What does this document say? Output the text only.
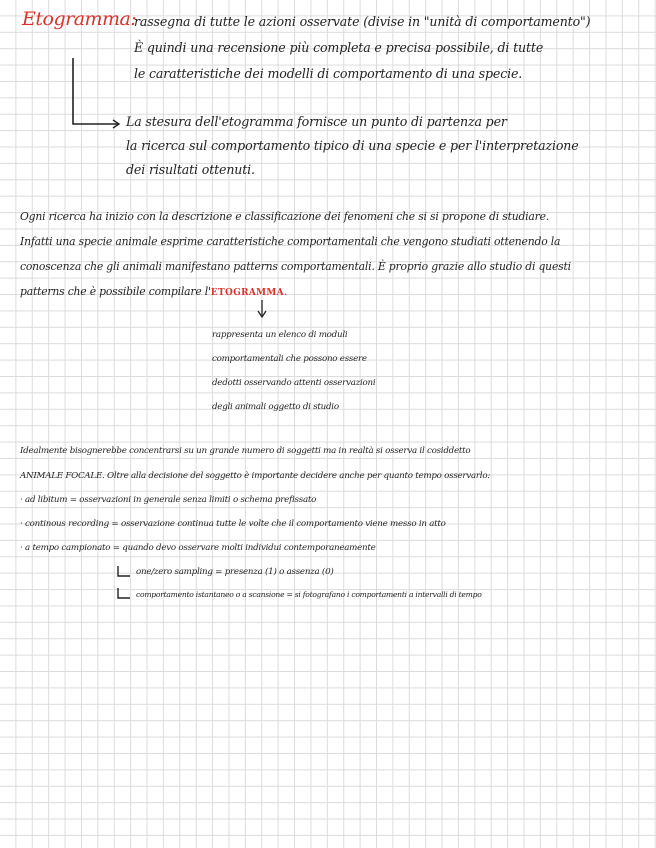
Etogramma:
rassegna di tutte le azioni osservate (divise in "unità di comportamento")
È quindi una recensione più completa e precisa possibile, di tutte
le caratteristiche dei modelli di comportamento di una specie.
La stesura dell'etogramma fornisce un punto di partenza per
la ricerca sul comportamento tipico di una specie e per l'interpretazione
dei risultati ottenuti.
Ogni ricerca ha inizio con la descrizione e classificazione dei fenomeni che si si propone di studiare.
Infatti una specie animale esprime caratteristiche comportamentali che vengono studiati ottenendo la
conoscenza che gli animali manifestano patterns comportamentali. È proprio grazie allo studio di questi
patterns che è possibile compilare l'ETOGRAMMA.
rappresenta un elenco di moduli
comportamentali che possono essere
dedotti osservando attenti osservazioni
degli animali oggetto di studio
Idealmente bisognerebbe concentrarsi su un grande numero di soggetti ma in realtà si osserva il cosiddetto
ANIMALE FOCALE. Oltre alla decisione del soggetto è importante decidere anche per quanto tempo osservarlo:
· ad libitum = osservazioni in generale senza limiti o schema prefissato
· continous recording = osservazione continua tutte le volte che il comportamento viene messo in atto
· a tempo campionato = quando devo osservare molti individui contemporaneamente
one/zero sampling = presenza (1) o assenza (0)
comportamento istantaneo o a scansione = si fotografano i comportamenti a intervalli di tempo
